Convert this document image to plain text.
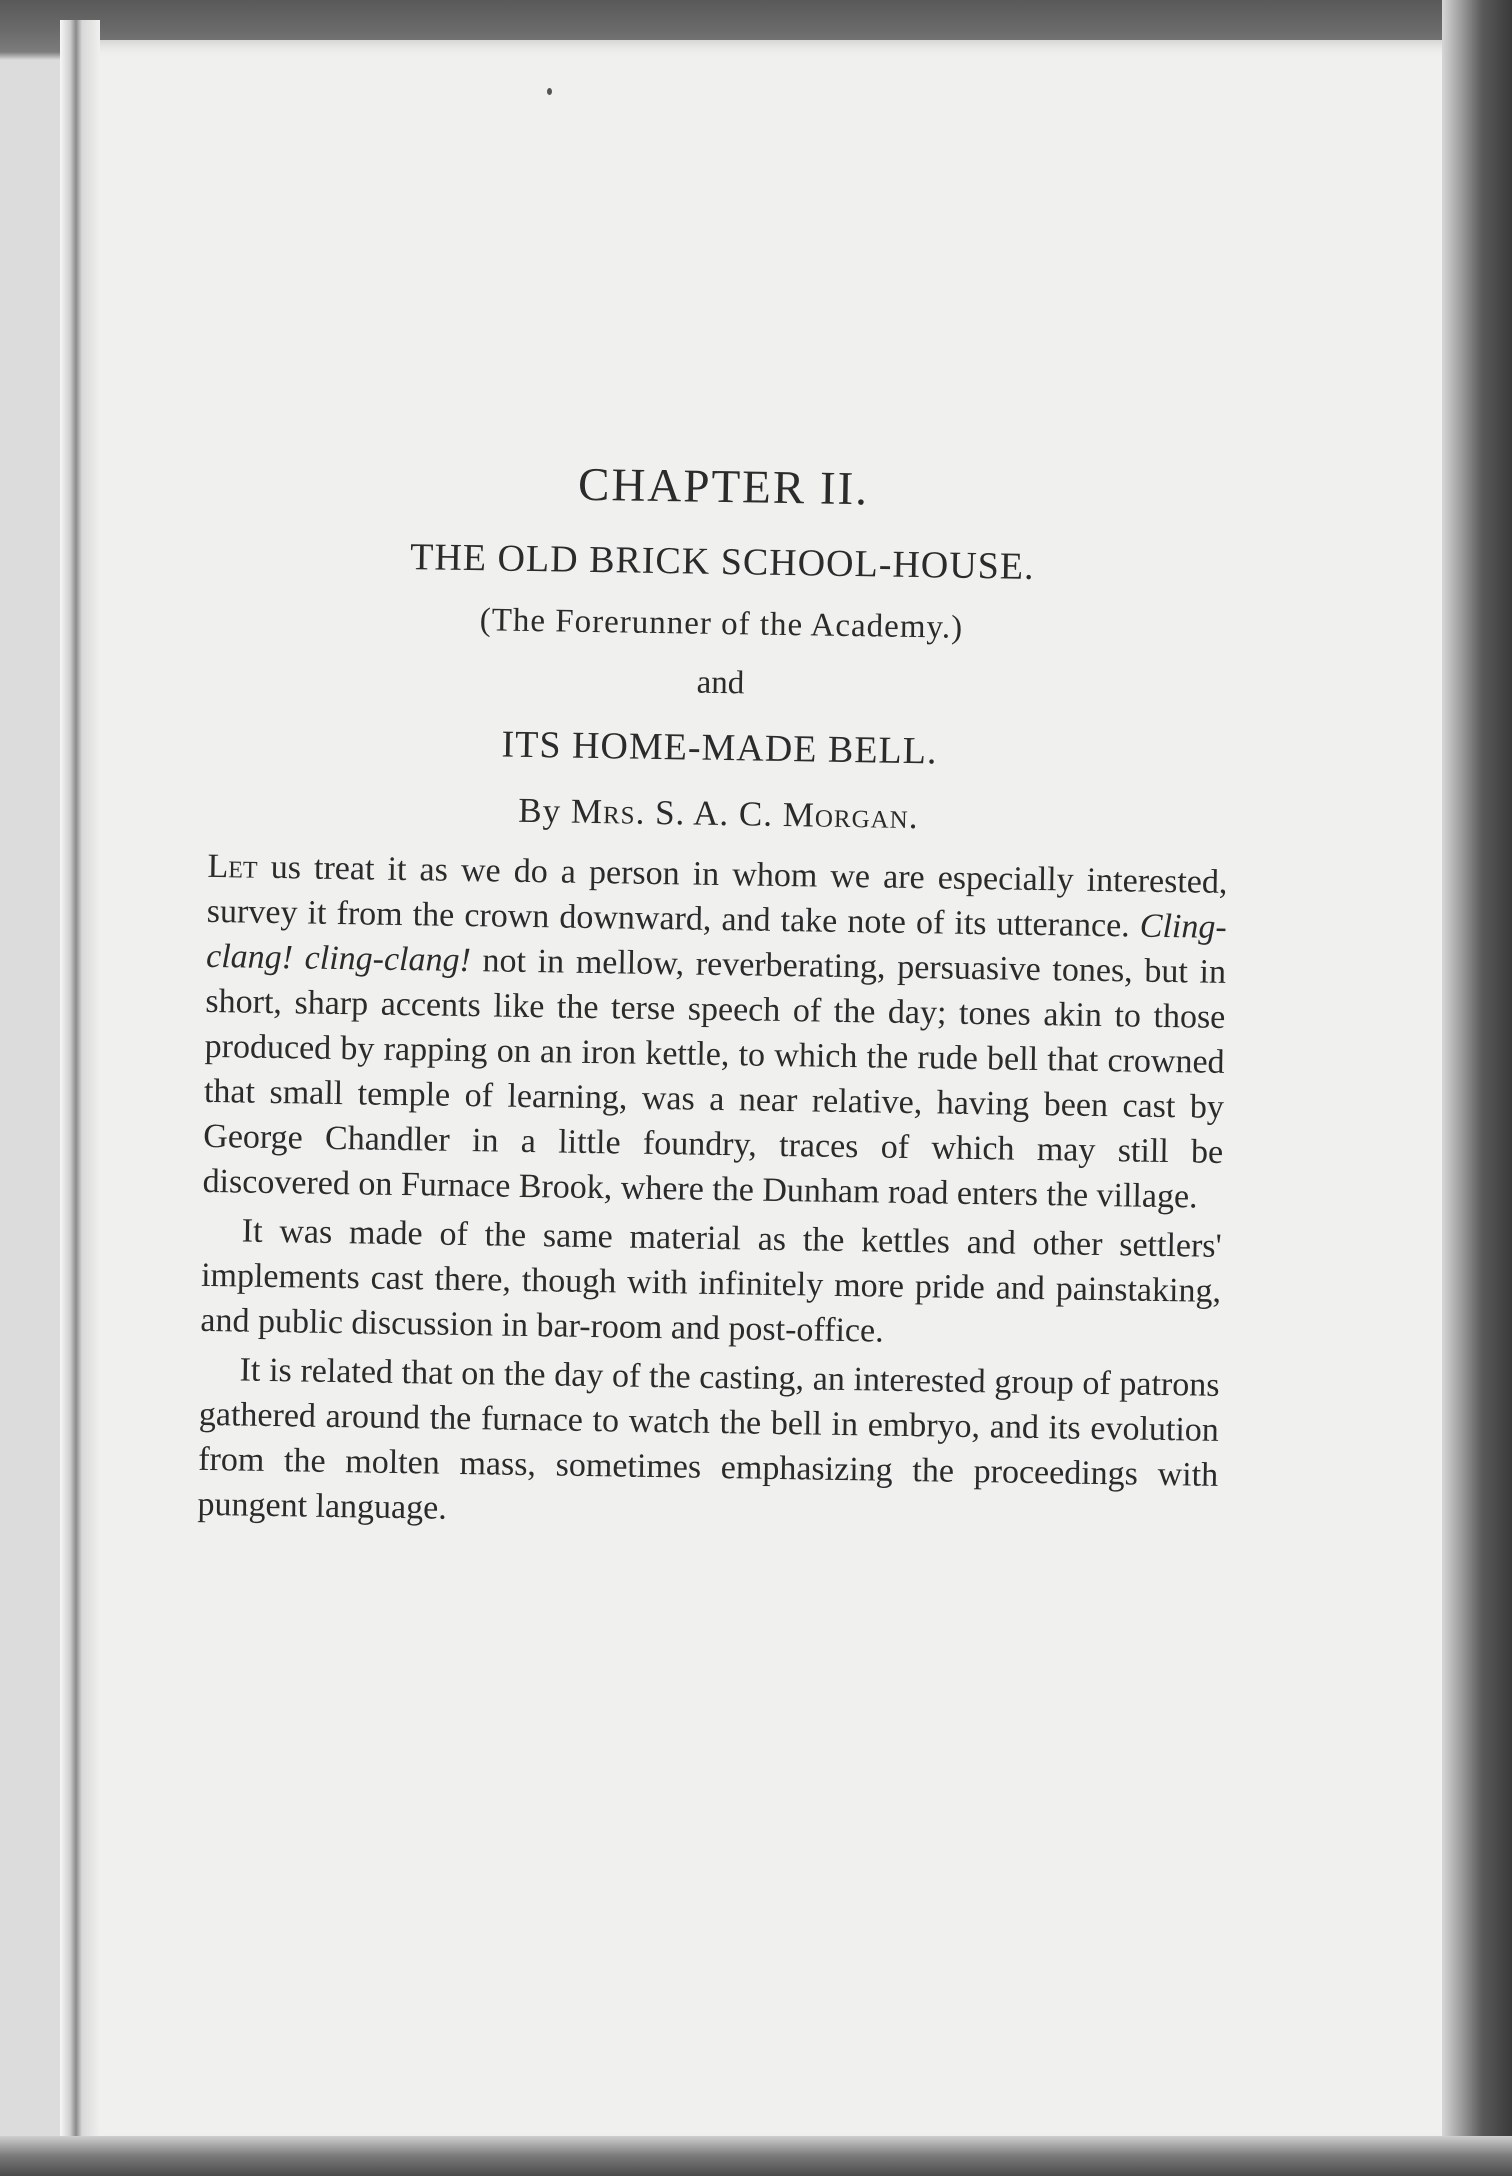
CHAPTER II.
THE OLD BRICK SCHOOL-HOUSE.
(The Forerunner of the Academy.)
and
ITS HOME-MADE BELL.
By Mrs. S. A. C. Morgan.

Let us treat it as we do a person in whom we are especially interested, survey it from the crown downward, and take note of its utterance. Cling-clang! cling-clang! not in mellow, reverberating, persuasive tones, but in short, sharp accents like the terse speech of the day; tones akin to those produced by rapping on an iron kettle, to which the rude bell that crowned that small temple of learning, was a near relative, having been cast by George Chandler in a little foundry, traces of which may still be discovered on Furnace Brook, where the Dunham road enters the village.

It was made of the same material as the kettles and other settlers' implements cast there, though with infinitely more pride and painstaking, and public discussion in bar-room and post-office.

It is related that on the day of the casting, an interested group of patrons gathered around the furnace to watch the bell in embryo, and its evolution from the molten mass, sometimes emphasizing the proceedings with pungent language.
